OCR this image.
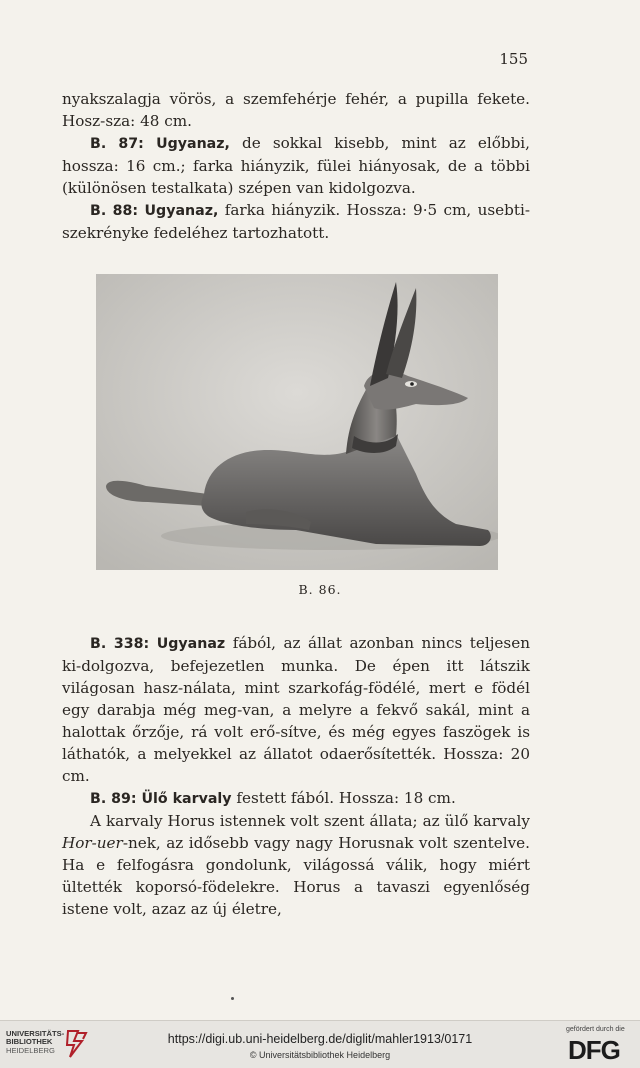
155

nyakszalagja vörös, a szemfehérje fehér, a pupilla fekete. Hosz-sza: 48 cm.

B. 87: Ugyanaz, de sokkal kisebb, mint az előbbi, hossza: 16 cm.; farka hiányzik, fülei hiányosak, de a többi (különösen testalkata) szépen van kidolgozva.

B. 88: Ugyanaz, farka hiányzik. Hossza: 9·5 cm, usebti-szekrényke fedeléhez tartozhatott.

B. 86.

B. 338: Ugyanaz fából, az állat azonban nincs teljesen ki-dolgozva, befejezetlen munka. De épen itt látszik világosan hasz-nálata, mint szarkofág-födélé, mert e födél egy darabja még meg-van, a melyre a fekvő sakál, mint a halottak őrzője, rá volt erő-sítve, és még egyes faszögek is láthatók, a melyekkel az állatot odaerősítették. Hossza: 20 cm.

B. 89: Ülő karvaly festett fából. Hossza: 18 cm.

A karvaly Horus istennek volt szent állata; az ülő karvaly Hor-uer-nek, az idősebb vagy nagy Horusnak volt szentelve. Ha e felfogásra gondolunk, világossá válik, hogy miért ültették koporsó-födelekre. Horus a tavaszi egyenlőség istene volt, azaz az új életre,

UNIVERSITÄTS-
BIBLIOTHEK
HEIDELBERG
https://digi.ub.uni-heidelberg.de/diglit/mahler1913/0171
© Universitätsbibliothek Heidelberg
gefördert durch die
DFG
